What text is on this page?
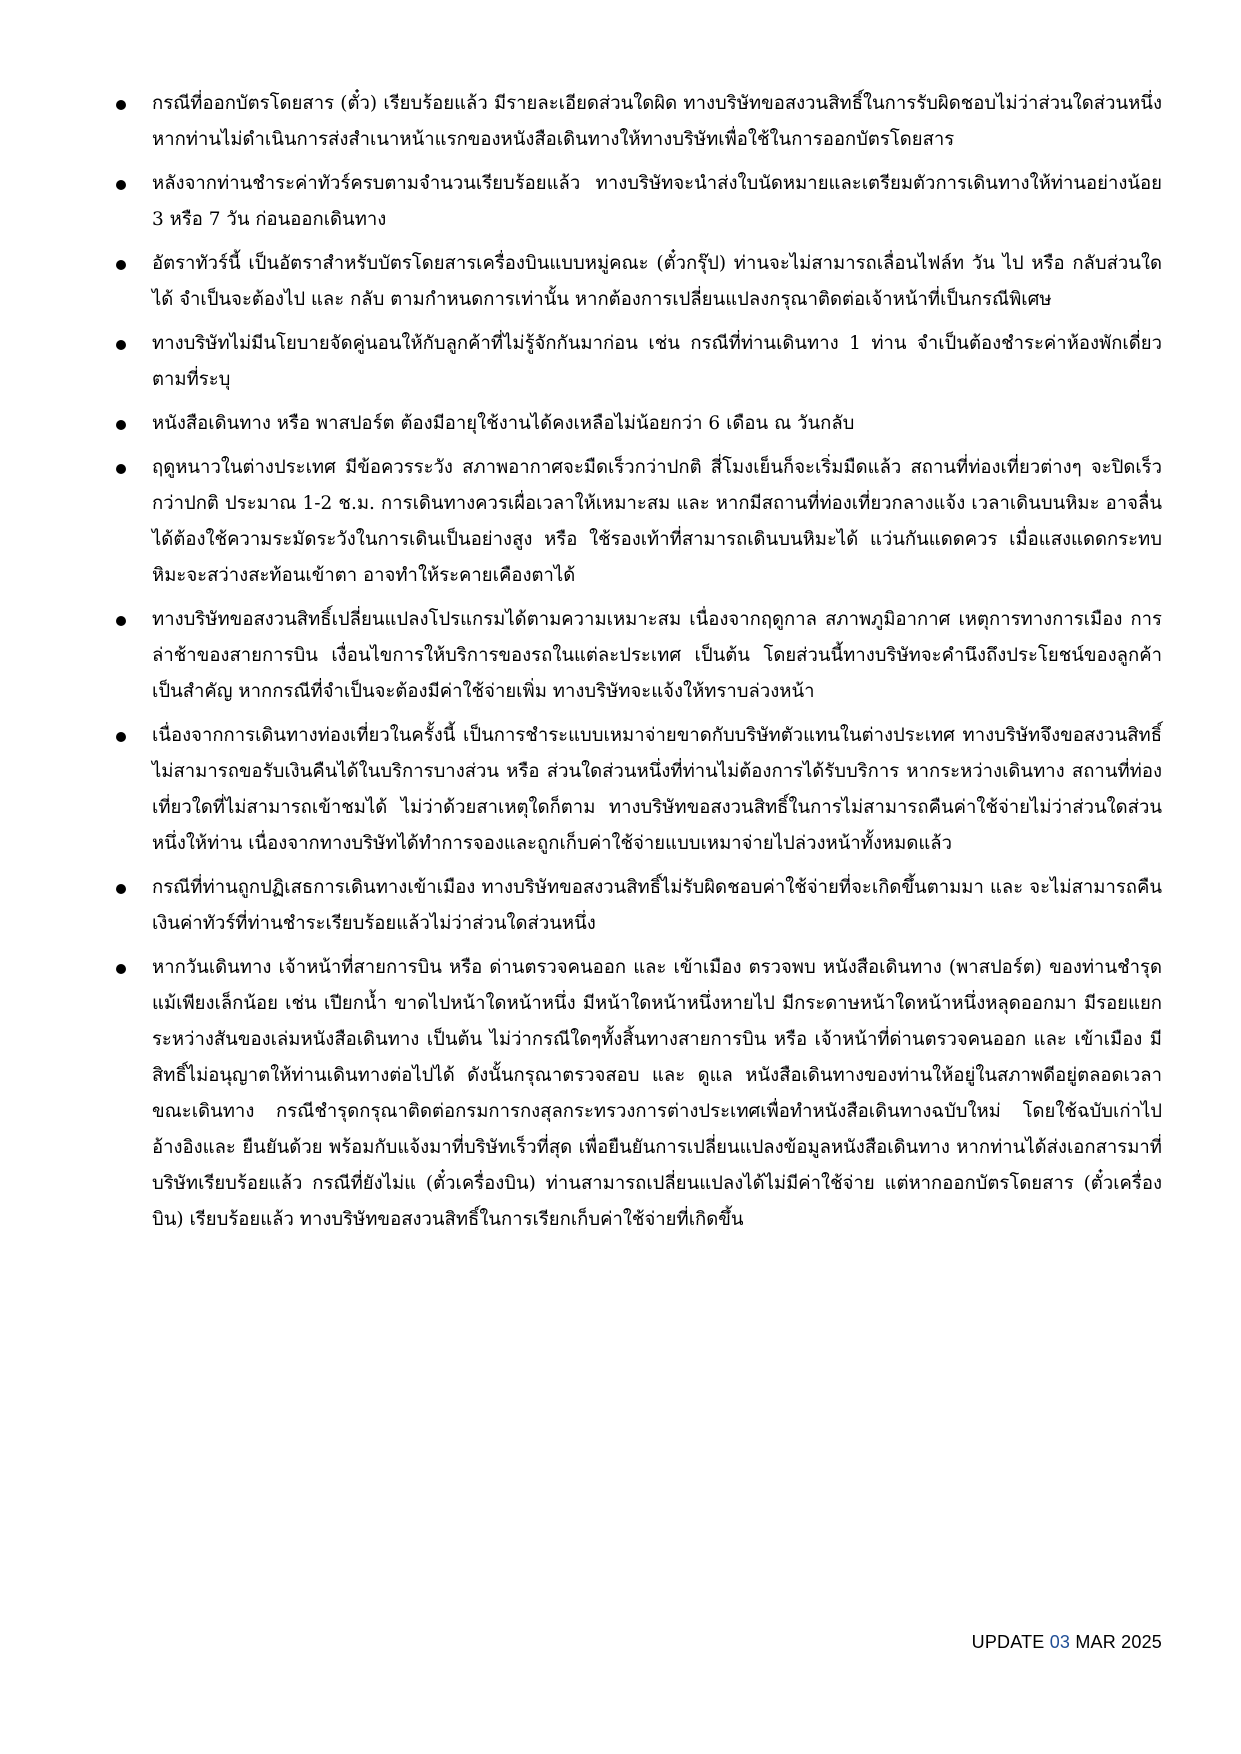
กรณีที่ออกบัตรโดยสาร (ตั๋ว) เรียบร้อยแล้ว มีรายละเอียดส่วนใดผิด ทางบริษัทขอสงวนสิทธิ์ในการรับผิดชอบไม่ว่าส่วนใดส่วนหนึ่ง หากท่านไม่ดำเนินการส่งสำเนาหน้าแรกของหนังสือเดินทางให้ทางบริษัทเพื่อใช้ในการออกบัตรโดยสาร
หลังจากท่านชำระค่าทัวร์ครบตามจำนวนเรียบร้อยแล้ว ทางบริษัทจะนำส่งใบนัดหมายและเตรียมตัวการเดินทางให้ท่านอย่างน้อย 3 หรือ 7 วัน ก่อนออกเดินทาง
อัตราทัวร์นี้ เป็นอัตราสำหรับบัตรโดยสารเครื่องบินแบบหมู่คณะ (ตั๋วกรุ๊ป) ท่านจะไม่สามารถเลื่อนไฟล์ท วัน ไป หรือ กลับส่วนใดได้ จำเป็นจะต้องไป และ กลับ ตามกำหนดการเท่านั้น หากต้องการเปลี่ยนแปลงกรุณาติดต่อเจ้าหน้าที่เป็นกรณีพิเศษ
ทางบริษัทไม่มีนโยบายจัดคู่นอนให้กับลูกค้าที่ไม่รู้จักกันมาก่อน เช่น กรณีที่ท่านเดินทาง 1 ท่าน จำเป็นต้องชำระค่าห้องพักเดี่ยวตามที่ระบุ
หนังสือเดินทาง หรือ พาสปอร์ต ต้องมีอายุใช้งานได้คงเหลือไม่น้อยกว่า 6 เดือน ณ วันกลับ
ฤดูหนาวในต่างประเทศ มีข้อควรระวัง สภาพอากาศจะมืดเร็วกว่าปกติ สี่โมงเย็นก็จะเริ่มมืดแล้ว สถานที่ท่องเที่ยวต่างๆ จะปิดเร็วกว่าปกติ ประมาณ 1-2 ช.ม. การเดินทางควรเผื่อเวลาให้เหมาะสม และ หากมีสถานที่ท่องเที่ยวกลางแจ้ง เวลาเดินบนหิมะ อาจลื่นได้ต้องใช้ความระมัดระวังในการเดินเป็นอย่างสูง หรือ ใช้รองเท้าที่สามารถเดินบนหิมะได้ แว่นกันแดดควร เมื่อแสงแดดกระทบหิมะจะสว่างสะท้อนเข้าตา อาจทำให้ระคายเคืองตาได้
ทางบริษัทขอสงวนสิทธิ์เปลี่ยนแปลงโปรแกรมได้ตามความเหมาะสม เนื่องจากฤดูกาล สภาพภูมิอากาศ เหตุการทางการเมือง การล่าช้าของสายการบิน เงื่อนไขการให้บริการของรถในแต่ละประเทศ เป็นต้น โดยส่วนนี้ทางบริษัทจะคำนึงถึงประโยชน์ของลูกค้าเป็นสำคัญ หากกรณีที่จำเป็นจะต้องมีค่าใช้จ่ายเพิ่ม ทางบริษัทจะแจ้งให้ทราบล่วงหน้า
เนื่องจากการเดินทางท่องเที่ยวในครั้งนี้ เป็นการชำระแบบเหมาจ่ายขาดกับบริษัทตัวแทนในต่างประเทศ ทางบริษัทจึงขอสงวนสิทธิ์ ไม่สามารถขอรับเงินคืนได้ในบริการบางส่วน หรือ ส่วนใดส่วนหนึ่งที่ท่านไม่ต้องการได้รับบริการ หากระหว่างเดินทาง สถานที่ท่องเที่ยวใดที่ไม่สามารถเข้าชมได้ ไม่ว่าด้วยสาเหตุใดก็ตาม ทางบริษัทขอสงวนสิทธิ์ในการไม่สามารถคืนค่าใช้จ่ายไม่ว่าส่วนใดส่วนหนึ่งให้ท่าน เนื่องจากทางบริษัทได้ทำการจองและถูกเก็บค่าใช้จ่ายแบบเหมาจ่ายไปล่วงหน้าทั้งหมดแล้ว
กรณีที่ท่านถูกปฏิเสธการเดินทางเข้าเมือง ทางบริษัทขอสงวนสิทธิ์ไม่รับผิดชอบค่าใช้จ่ายที่จะเกิดขึ้นตามมา และ จะไม่สามารถคืนเงินค่าทัวร์ที่ท่านชำระเรียบร้อยแล้วไม่ว่าส่วนใดส่วนหนึ่ง
หากวันเดินทาง เจ้าหน้าที่สายการบิน หรือ ด่านตรวจคนออก และ เข้าเมือง ตรวจพบ หนังสือเดินทาง (พาสปอร์ต) ของท่านชำรุดแม้เพียงเล็กน้อย เช่น เปียกน้ำ ขาดไปหน้าใดหน้าหนึ่ง มีหน้าใดหน้าหนึ่งหายไป มีกระดาษหน้าใดหน้าหนึ่งหลุดออกมา มีรอยแยกระหว่างสันของเล่มหนังสือเดินทาง เป็นต้น ไม่ว่ากรณีใดๆทั้งสิ้นทางสายการบิน หรือ เจ้าหน้าที่ด่านตรวจคนออก และ เข้าเมือง มีสิทธิ์ไม่อนุญาตให้ท่านเดินทางต่อไปได้ ดังนั้นกรุณาตรวจสอบ และ ดูแล หนังสือเดินทางของท่านให้อยู่ในสภาพดีอยู่ตลอดเวลา ขณะเดินทาง กรณีชำรุดกรุณาติดต่อกรมการกงสุลกระทรวงการต่างประเทศเพื่อทำหนังสือเดินทางฉบับใหม่ โดยใช้ฉบับเก่าไปอ้างอิงและ ยืนยันด้วย พร้อมกับแจ้งมาที่บริษัทเร็วที่สุด เพื่อยืนยันการเปลี่ยนแปลงข้อมูลหนังสือเดินทาง หากท่านได้ส่งเอกสารมาที่บริษัทเรียบร้อยแล้ว กรณีที่ยังไม่แ (ตั๋วเครื่องบิน) ท่านสามารถเปลี่ยนแปลงได้ไม่มีค่าใช้จ่าย แต่หากออกบัตรโดยสาร (ตั๋วเครื่องบิน) เรียบร้อยแล้ว ทางบริษัทขอสงวนสิทธิ์ในการเรียกเก็บค่าใช้จ่ายที่เกิดขึ้น
UPDATE 03 MAR 2025
